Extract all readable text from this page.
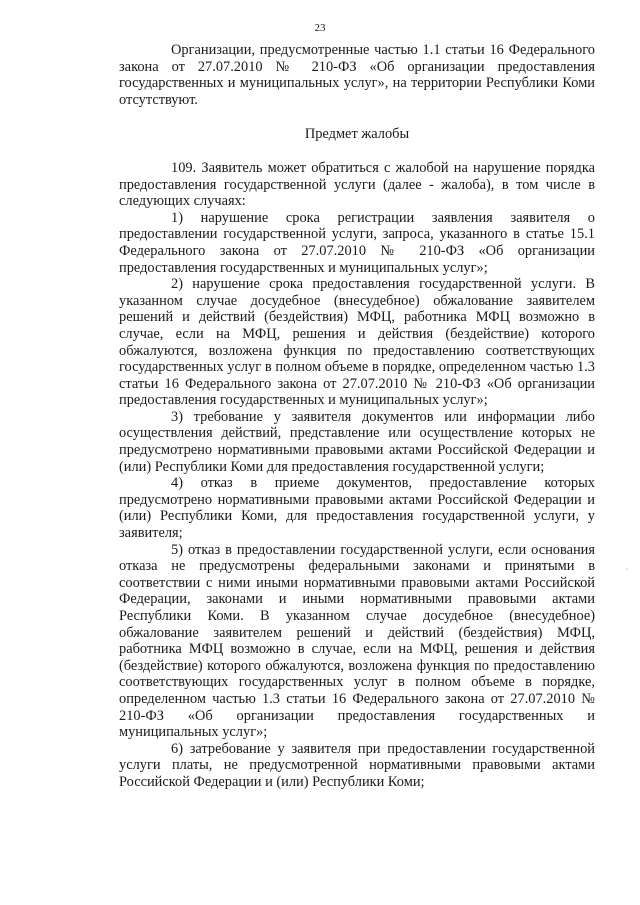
23

Организации, предусмотренные частью 1.1 статьи 16 Федерального закона от 27.07.2010 № 210-ФЗ «Об организации предоставления государственных и муниципальных услуг», на территории Республики Коми отсутствуют.

Предмет жалобы

109. Заявитель может обратиться с жалобой на нарушение порядка предоставления государственной услуги (далее - жалоба), в том числе в следующих случаях:

1) нарушение срока регистрации заявления заявителя о предоставлении государственной услуги, запроса, указанного в статье 15.1 Федерального закона от 27.07.2010 № 210-ФЗ «Об организации предоставления государственных и муниципальных услуг»;

2) нарушение срока предоставления государственной услуги. В указанном случае досудебное (внесудебное) обжалование заявителем решений и действий (бездействия) МФЦ, работника МФЦ возможно в случае, если на МФЦ, решения и действия (бездействие) которого обжалуются, возложена функция по предоставлению соответствующих государственных услуг в полном объеме в порядке, определенном частью 1.3 статьи 16 Федерального закона от 27.07.2010 № 210-ФЗ «Об организации предоставления государственных и муниципальных услуг»;

3) требование у заявителя документов или информации либо осуществления действий, представление или осуществление которых не предусмотрено нормативными правовыми актами Российской Федерации и (или) Республики Коми для предоставления государственной услуги;

4) отказ в приеме документов, предоставление которых предусмотрено нормативными правовыми актами Российской Федерации и (или) Республики Коми, для предоставления государственной услуги, у заявителя;

5) отказ в предоставлении государственной услуги, если основания отказа не предусмотрены федеральными законами и принятыми в соответствии с ними иными нормативными правовыми актами Российской Федерации, законами и иными нормативными правовыми актами Республики Коми. В указанном случае досудебное (внесудебное) обжалование заявителем решений и действий (бездействия) МФЦ, работника МФЦ возможно в случае, если на МФЦ, решения и действия (бездействие) которого обжалуются, возложена функция по предоставлению соответствующих государственных услуг в полном объеме в порядке, определенном частью 1.3 статьи 16 Федерального закона от 27.07.2010 № 210-ФЗ «Об организации предоставления государственных и муниципальных услуг»;

6) затребование у заявителя при предоставлении государственной услуги платы, не предусмотренной нормативными правовыми актами Российской Федерации и (или) Республики Коми;

·
